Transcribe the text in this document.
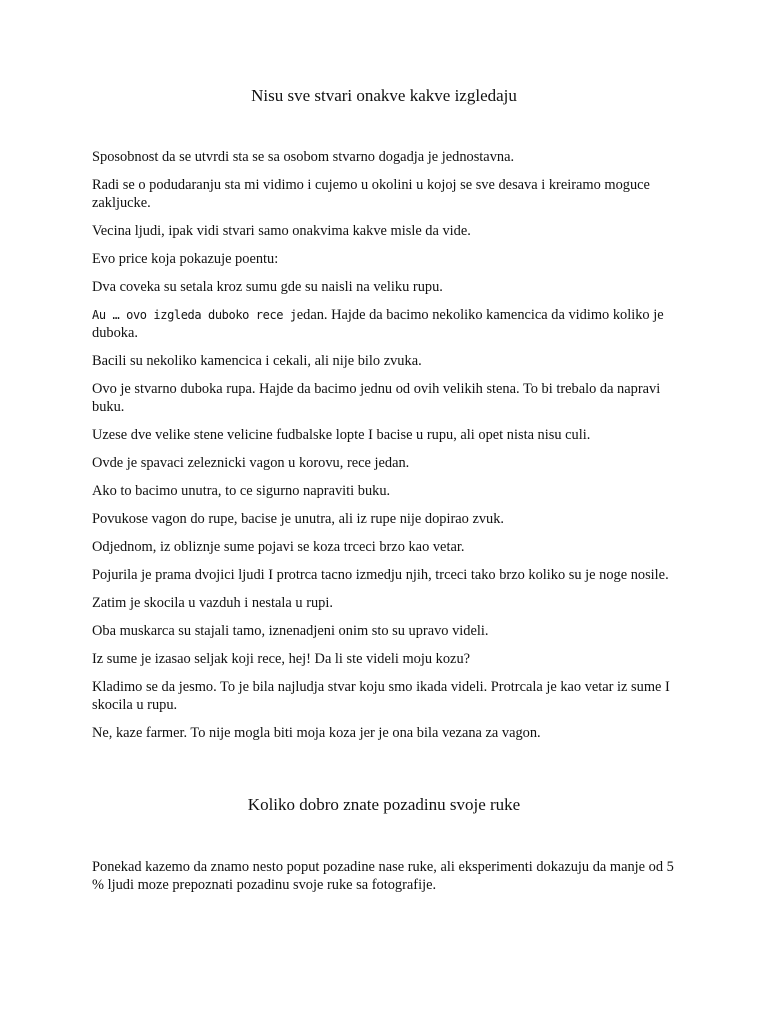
Nisu sve stvari onakve kakve izgledaju

Sposobnost da se utvrdi sta se sa osobom stvarno dogadja je jednostavna.

Radi se o podudaranju sta mi vidimo i cujemo u okolini u kojoj se sve desava i kreiramo moguce zakljucke.

Vecina ljudi, ipak vidi stvari samo onakvima kakve misle da vide.

Evo price koja pokazuje poentu:

Dva coveka su setala kroz sumu gde su naisli na veliku rupu.

Au … ovo izgleda duboko rece jedan. Hajde da bacimo nekoliko kamencica da vidimo koliko je duboka.

Bacili su nekoliko kamencica i cekali, ali nije bilo zvuka.

Ovo je stvarno duboka rupa. Hajde da bacimo jednu od ovih velikih stena. To bi trebalo da napravi buku.

Uzese dve velike stene velicine fudbalske lopte I bacise u rupu, ali opet nista nisu culi.

Ovde je spavaci zeleznicki vagon u korovu, rece jedan.

Ako to bacimo unutra, to ce sigurno napraviti buku.

Povukose vagon do rupe, bacise je unutra, ali iz rupe nije dopirao zvuk.

Odjednom, iz obliznje sume pojavi se koza trceci brzo kao vetar.

Pojurila je prama dvojici ljudi I protrca tacno izmedju njih, trceci tako brzo koliko su je noge nosile.

Zatim je skocila u vazduh i nestala u rupi.

Oba muskarca su stajali tamo, iznenadjeni onim sto su upravo videli.

Iz sume je izasao seljak koji rece, hej! Da li ste videli moju kozu?

Kladimo se da jesmo. To je bila najludja stvar koju smo ikada videli. Protrcala je kao vetar iz sume I skocila u rupu.

Ne, kaze farmer. To nije mogla biti moja koza jer je ona bila vezana za vagon.

Koliko dobro znate pozadinu svoje ruke

Ponekad kazemo da znamo nesto poput pozadine nase ruke, ali eksperimenti dokazuju da manje od 5 % ljudi moze prepoznati pozadinu svoje ruke sa fotografije.
